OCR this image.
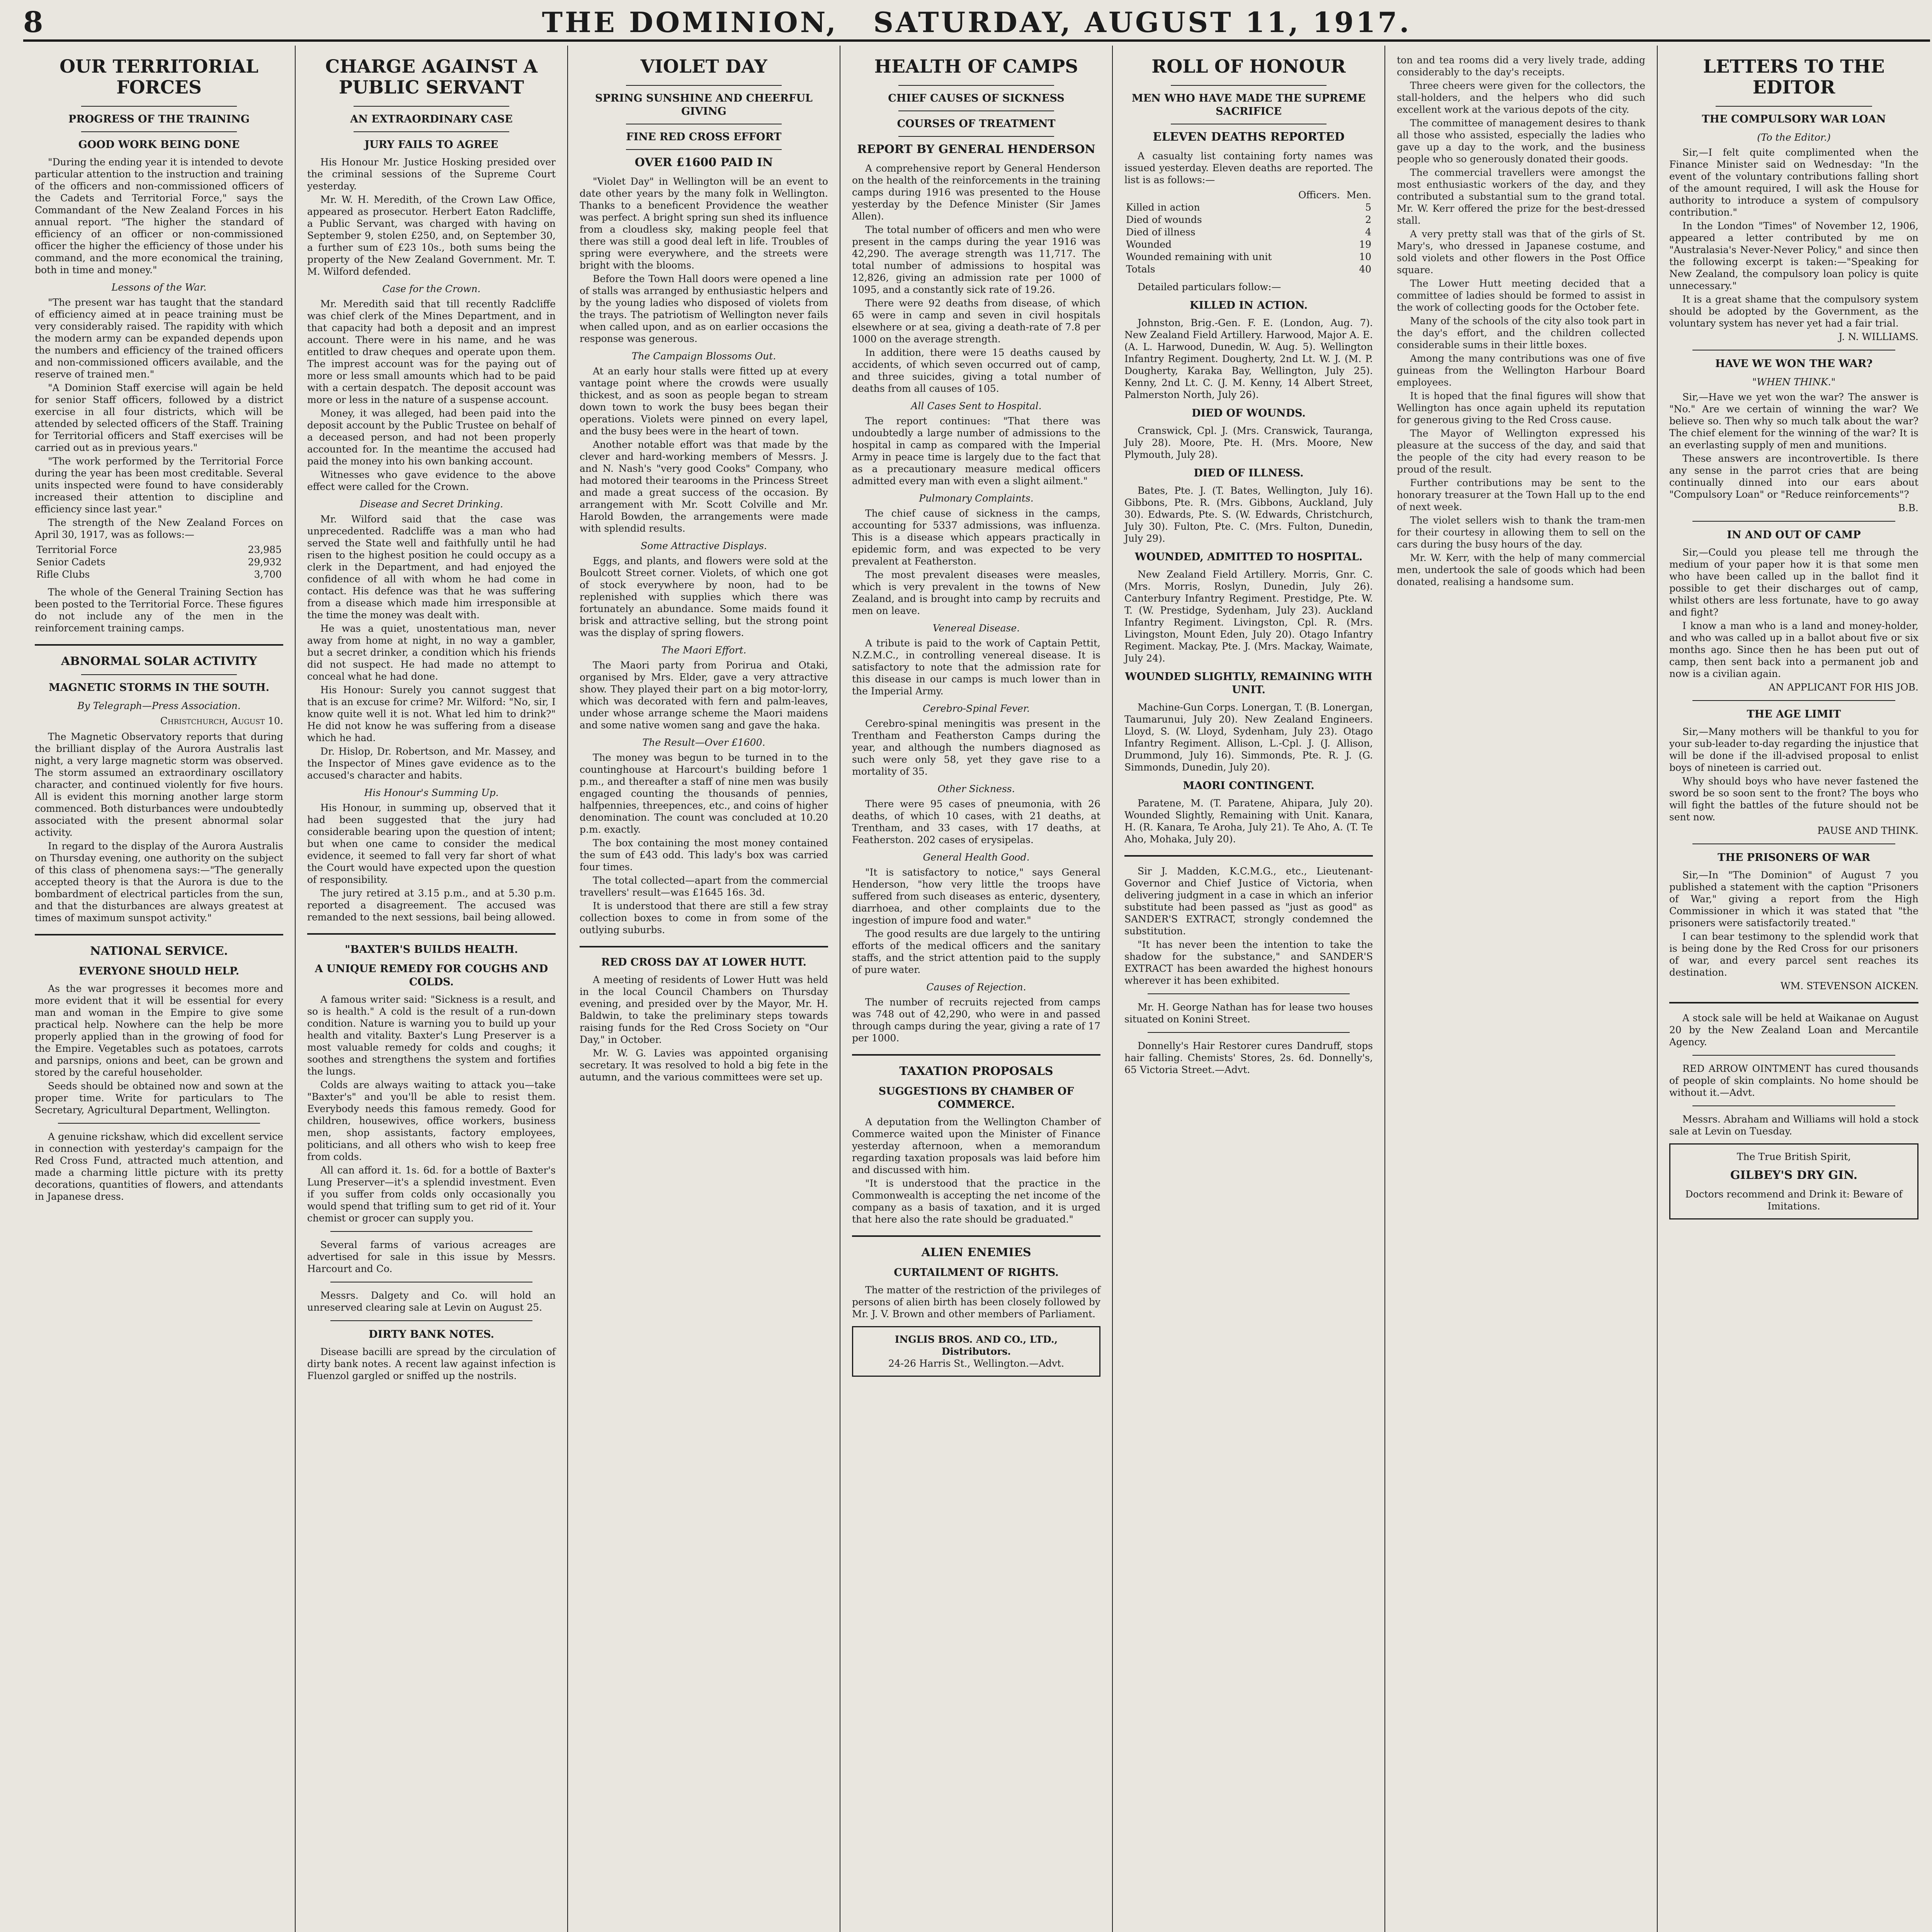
8	THE DOMINION, SATURDAY, AUGUST 11, 1917.
OUR TERRITORIAL FORCES
PROGRESS OF THE TRAINING
GOOD WORK BEING DONE

"During the ending year it is intended to devote particular attention to the instruction and training of the officers and non-commissioned officers of the Cadets and Territorial Force," says the Commandant of the New Zealand Forces in his annual report. "The higher the standard of efficiency of an officer or non-commissioned officer the higher the efficiency of those under his command, and the more economical the training, both in time and money."

Lessons of the War.

"The present war has taught that the standard of efficiency aimed at in peace training must be very considerably raised. The rapidity with which the modern army can be expanded depends upon the numbers and efficiency of the trained officers and non-commissioned officers available, and the reserve of trained men."

"A Dominion Staff exercise will again be held for senior Staff officers, followed by a district exercise in all four districts, which will be attended by selected officers of the Staff. Training for Territorial officers and Staff exercises will be carried out as in previous years."

"The work performed by the Territorial Force during the year has been most creditable. Several units inspected were found to have considerably increased their attention to discipline and efficiency since last year."

The strength of the New Zealand Forces on April 30, 1917, was as follows:—

Territorial Force	23,985
Senior Cadets	29,932
Rifle Clubs	3,700

The whole of the General Training Section has been posted to the Territorial Force. These figures do not include any of the men in the reinforcement training camps.

ABNORMAL SOLAR ACTIVITY
MAGNETIC STORMS IN THE SOUTH.
By Telegraph—Press Association.
Christchurch, August 10.

The Magnetic Observatory reports that during the brilliant display of the Aurora Australis last night, a very large magnetic storm was observed. The storm assumed an extraordinary oscillatory character, and continued violently for five hours. All is evident this morning another large storm commenced. Both disturbances were undoubtedly associated with the present abnormal solar activity.

In regard to the display of the Aurora Australis on Thursday evening, one authority on the subject of this class of phenomena says:—"The generally accepted theory is that the Aurora is due to the bombardment of electrical particles from the sun, and that the disturbances are always greatest at times of maximum sunspot activity."

NATIONAL SERVICE.
EVERYONE SHOULD HELP.

As the war progresses it becomes more and more evident that it will be essential for every man and woman in the Empire to give some practical help. Nowhere can the help be more properly applied than in the growing of food for the Empire. Vegetables such as potatoes, carrots and parsnips, onions and beet, can be grown and stored by the careful householder.

Seeds should be obtained now and sown at the proper time. Write for particulars to The Secretary, Agricultural Department, Wellington.

A genuine rickshaw, which did excellent service in connection with yesterday's campaign for the Red Cross Fund, attracted much attention, and made a charming little picture with its pretty decorations, quantities of flowers, and attendants in Japanese dress.

CHARGE AGAINST A PUBLIC SERVANT
AN EXTRAORDINARY CASE
JURY FAILS TO AGREE

His Honour Mr. Justice Hosking presided over the criminal sessions of the Supreme Court yesterday.

Mr. W. H. Meredith, of the Crown Law Office, appeared as prosecutor. Herbert Eaton Radcliffe, a Public Servant, was charged with having on September 9, stolen £250, and, on September 30, a further sum of £23 10s., both sums being the property of the New Zealand Government. Mr. T. M. Wilford defended.

Case for the Crown.

Mr. Meredith said that till recently Radcliffe was chief clerk of the Mines Department, and in that capacity had both a deposit and an imprest account. There were in his name, and he was entitled to draw cheques and operate upon them. The imprest account was for the paying out of more or less small amounts which had to be paid with a certain despatch. The deposit account was more or less in the nature of a suspense account.

Money, it was alleged, had been paid into the deposit account by the Public Trustee on behalf of a deceased person, and had not been properly accounted for. In the meantime the accused had paid the money into his own banking account.

Witnesses who gave evidence to the above effect were called for the Crown.

Disease and Secret Drinking.

Mr. Wilford said that the case was unprecedented. Radcliffe was a man who had served the State well and faithfully until he had risen to the highest position he could occupy as a clerk in the Department, and had enjoyed the confidence of all with whom he had come in contact. His defence was that he was suffering from a disease which made him irresponsible at the time the money was dealt with.

He was a quiet, unostentatious man, never away from home at night, in no way a gambler, but a secret drinker, a condition which his friends did not suspect. He had made no attempt to conceal what he had done.

His Honour: Surely you cannot suggest that that is an excuse for crime? Mr. Wilford: "No, sir, I know quite well it is not. What led him to drink?" He did not know he was suffering from a disease which he had.

Dr. Hislop, Dr. Robertson, and Mr. Massey, and the Inspector of Mines gave evidence as to the accused's character and habits.

His Honour's Summing Up.

His Honour, in summing up, observed that it had been suggested that the jury had considerable bearing upon the question of intent; but when one came to consider the medical evidence, it seemed to fall very far short of what the Court would have expected upon the question of responsibility.

The jury retired at 3.15 p.m., and at 5.30 p.m. reported a disagreement. The accused was remanded to the next sessions, bail being allowed.

"BAXTER'S BUILDS HEALTH.
A UNIQUE REMEDY FOR COUGHS AND COLDS.

A famous writer said: "Sickness is a result, and so is health." A cold is the result of a run-down condition. Nature is warning you to build up your health and vitality. Baxter's Lung Preserver is a most valuable remedy for colds and coughs; it soothes and strengthens the system and fortifies the lungs.

Colds are always waiting to attack you—take "Baxter's" and you'll be able to resist them. Everybody needs this famous remedy. Good for children, housewives, office workers, business men, shop assistants, factory employees, politicians, and all others who wish to keep free from colds.

All can afford it. 1s. 6d. for a bottle of Baxter's Lung Preserver—it's a splendid investment. Even if you suffer from colds only occasionally you would spend that trifling sum to get rid of it. Your chemist or grocer can supply you.

Several farms of various acreages are advertised for sale in this issue by Messrs. Harcourt and Co.

Messrs. Dalgety and Co. will hold an unreserved clearing sale at Levin on August 25.

DIRTY BANK NOTES.

Disease bacilli are spread by the circulation of dirty bank notes. A recent law against infection is Fluenzol gargled or sniffed up the nostrils.

VIOLET DAY
SPRING SUNSHINE AND CHEERFUL GIVING
FINE RED CROSS EFFORT
OVER £1600 PAID IN

"Violet Day" in Wellington will be an event to date other years by the many folk in Wellington. Thanks to a beneficent Providence the weather was perfect. A bright spring sun shed its influence from a cloudless sky, making people feel that there was still a good deal left in life. Troubles of spring were everywhere, and the streets were bright with the blooms.

Before the Town Hall doors were opened a line of stalls was arranged by enthusiastic helpers and by the young ladies who disposed of violets from the trays. The patriotism of Wellington never fails when called upon, and as on earlier occasions the response was generous.

The Campaign Blossoms Out.

At an early hour stalls were fitted up at every vantage point where the crowds were usually thickest, and as soon as people began to stream down town to work the busy bees began their operations. Violets were pinned on every lapel, and the busy bees were in the heart of town.

Another notable effort was that made by the clever and hard-working members of Messrs. J. and N. Nash's "very good Cooks" Company, who had motored their tearooms in the Princess Street and made a great success of the occasion. By arrangement with Mr. Scott Colville and Mr. Harold Bowden, the arrangements were made with splendid results.

Some Attractive Displays.

Eggs, and plants, and flowers were sold at the Boulcott Street corner. Violets, of which one got of stock everywhere by noon, had to be replenished with supplies which there was fortunately an abundance. Some maids found it brisk and attractive selling, but the strong point was the display of spring flowers.

The Maori Effort.

The Maori party from Porirua and Otaki, organised by Mrs. Elder, gave a very attractive show. They played their part on a big motor-lorry, which was decorated with fern and palm-leaves, under whose arrange scheme the Maori maidens and some native women sang and gave the haka.

The Result—Over £1600.

The money was begun to be turned in to the countinghouse at Harcourt's building before 1 p.m., and thereafter a staff of nine men was busily engaged counting the thousands of pennies, halfpennies, threepences, etc., and coins of higher denomination. The count was concluded at 10.20 p.m. exactly.

The box containing the most money contained the sum of £43 odd. This lady's box was carried four times.

The total collected—apart from the commercial travellers' result—was £1645 16s. 3d.

It is understood that there are still a few stray collection boxes to come in from some of the outlying suburbs.

RED CROSS DAY AT LOWER HUTT.

A meeting of residents of Lower Hutt was held in the local Council Chambers on Thursday evening, and presided over by the Mayor, Mr. H. Baldwin, to take the preliminary steps towards raising funds for the Red Cross Society on "Our Day," in October.

Mr. W. G. Lavies was appointed organising secretary. It was resolved to hold a big fete in the autumn, and the various committees were set up.

HEALTH OF CAMPS
CHIEF CAUSES OF SICKNESS
COURSES OF TREATMENT
REPORT BY GENERAL HENDERSON

A comprehensive report by General Henderson on the health of the reinforcements in the training camps during 1916 was presented to the House yesterday by the Defence Minister (Sir James Allen).

The total number of officers and men who were present in the camps during the year 1916 was 42,290. The average strength was 11,717. The total number of admissions to hospital was 12,826, giving an admission rate per 1000 of 1095, and a constantly sick rate of 19.26.

There were 92 deaths from disease, of which 65 were in camp and seven in civil hospitals elsewhere or at sea, giving a death-rate of 7.8 per 1000 on the average strength.

In addition, there were 15 deaths caused by accidents, of which seven occurred out of camp, and three suicides, giving a total number of deaths from all causes of 105.

All Cases Sent to Hospital.

The report continues: "That there was undoubtedly a large number of admissions to the hospital in camp as compared with the Imperial Army in peace time is largely due to the fact that as a precautionary measure medical officers admitted every man with even a slight ailment."

Pulmonary Complaints.

The chief cause of sickness in the camps, accounting for 5337 admissions, was influenza. This is a disease which appears practically in epidemic form, and was expected to be very prevalent at Featherston.

The most prevalent diseases were measles, which is very prevalent in the towns of New Zealand, and is brought into camp by recruits and men on leave.

Venereal Disease.

A tribute is paid to the work of Captain Pettit, N.Z.M.C., in controlling venereal disease. It is satisfactory to note that the admission rate for this disease in our camps is much lower than in the Imperial Army.

Cerebro-Spinal Fever.

Cerebro-spinal meningitis was present in the Trentham and Featherston Camps during the year, and although the numbers diagnosed as such were only 58, yet they gave rise to a mortality of 35.

Other Sickness.

There were 95 cases of pneumonia, with 26 deaths, of which 10 cases, with 21 deaths, at Trentham, and 33 cases, with 17 deaths, at Featherston. 202 cases of erysipelas.

General Health Good.

"It is satisfactory to notice," says General Henderson, "how very little the troops have suffered from such diseases as enteric, dysentery, diarrhoea, and other complaints due to the ingestion of impure food and water."

The good results are due largely to the untiring efforts of the medical officers and the sanitary staffs, and the strict attention paid to the supply of pure water.

Causes of Rejection.

The number of recruits rejected from camps was 748 out of 42,290, who were in and passed through camps during the year, giving a rate of 17 per 1000.

TAXATION PROPOSALS
SUGGESTIONS BY CHAMBER OF COMMERCE.

A deputation from the Wellington Chamber of Commerce waited upon the Minister of Finance yesterday afternoon, when a memorandum regarding taxation proposals was laid before him and discussed with him.

"It is understood that the practice in the Commonwealth is accepting the net income of the company as a basis of taxation, and it is urged that here also the rate should be graduated."

ALIEN ENEMIES
CURTAILMENT OF RIGHTS.

The matter of the restriction of the privileges of persons of alien birth has been closely followed by Mr. J. V. Brown and other members of Parliament.

INGLIS BROS. AND CO., LTD., Distributors.
24-26 Harris St., Wellington.—Advt.
ROLL OF HONOUR
MEN WHO HAVE MADE THE SUPREME SACRIFICE
ELEVEN DEATHS REPORTED

A casualty list containing forty names was issued yesterday. Eleven deaths are reported. The list is as follows:—

	Officers.	Men.
Killed in action		5
Died of wounds		2
Died of illness		4
Wounded		19
Wounded remaining with unit		10
Totals		40

Detailed particulars follow:—

KILLED IN ACTION.

Johnston, Brig.-Gen. F. E. (London, Aug. 7). New Zealand Field Artillery. Harwood, Major A. E. (A. L. Harwood, Dunedin, W. Aug. 5). Wellington Infantry Regiment. Dougherty, 2nd Lt. W. J. (M. P. Dougherty, Karaka Bay, Wellington, July 25). Kenny, 2nd Lt. C. (J. M. Kenny, 14 Albert Street, Palmerston North, July 26).

DIED OF WOUNDS.

Cranswick, Cpl. J. (Mrs. Cranswick, Tauranga, July 28). Moore, Pte. H. (Mrs. Moore, New Plymouth, July 28).

DIED OF ILLNESS.

Bates, Pte. J. (T. Bates, Wellington, July 16). Gibbons, Pte. R. (Mrs. Gibbons, Auckland, July 30). Edwards, Pte. S. (W. Edwards, Christchurch, July 30). Fulton, Pte. C. (Mrs. Fulton, Dunedin, July 29).

WOUNDED, ADMITTED TO HOSPITAL.

New Zealand Field Artillery. Morris, Gnr. C. (Mrs. Morris, Roslyn, Dunedin, July 26). Canterbury Infantry Regiment. Prestidge, Pte. W. T. (W. Prestidge, Sydenham, July 23). Auckland Infantry Regiment. Livingston, Cpl. R. (Mrs. Livingston, Mount Eden, July 20). Otago Infantry Regiment. Mackay, Pte. J. (Mrs. Mackay, Waimate, July 24).

WOUNDED SLIGHTLY, REMAINING WITH UNIT.

Machine-Gun Corps. Lonergan, T. (B. Lonergan, Taumarunui, July 20). New Zealand Engineers. Lloyd, S. (W. Lloyd, Sydenham, July 23). Otago Infantry Regiment. Allison, L.-Cpl. J. (J. Allison, Drummond, July 16). Simmonds, Pte. R. J. (G. Simmonds, Dunedin, July 20).

MAORI CONTINGENT.

Paratene, M. (T. Paratene, Ahipara, July 20). Wounded Slightly, Remaining with Unit. Kanara, H. (R. Kanara, Te Aroha, July 21). Te Aho, A. (T. Te Aho, Mohaka, July 20).

Sir J. Madden, K.C.M.G., etc., Lieutenant-Governor and Chief Justice of Victoria, when delivering judgment in a case in which an inferior substitute had been passed as "just as good" as SANDER'S EXTRACT, strongly condemned the substitution.

"It has never been the intention to take the shadow for the substance," and SANDER'S EXTRACT has been awarded the highest honours wherever it has been exhibited.

Mr. H. George Nathan has for lease two houses situated on Konini Street.

Donnelly's Hair Restorer cures Dandruff, stops hair falling. Chemists' Stores, 2s. 6d. Donnelly's, 65 Victoria Street.—Advt.

ton and tea rooms did a very lively trade, adding considerably to the day's receipts.

Three cheers were given for the collectors, the stall-holders, and the helpers who did such excellent work at the various depots of the city.

The committee of management desires to thank all those who assisted, especially the ladies who gave up a day to the work, and the business people who so generously donated their goods.

The commercial travellers were amongst the most enthusiastic workers of the day, and they contributed a substantial sum to the grand total. Mr. W. Kerr offered the prize for the best-dressed stall.

A very pretty stall was that of the girls of St. Mary's, who dressed in Japanese costume, and sold violets and other flowers in the Post Office square.

The Lower Hutt meeting decided that a committee of ladies should be formed to assist in the work of collecting goods for the October fete.

Many of the schools of the city also took part in the day's effort, and the children collected considerable sums in their little boxes.

Among the many contributions was one of five guineas from the Wellington Harbour Board employees.

It is hoped that the final figures will show that Wellington has once again upheld its reputation for generous giving to the Red Cross cause.

The Mayor of Wellington expressed his pleasure at the success of the day, and said that the people of the city had every reason to be proud of the result.

Further contributions may be sent to the honorary treasurer at the Town Hall up to the end of next week.

The violet sellers wish to thank the tram-men for their courtesy in allowing them to sell on the cars during the busy hours of the day.

Mr. W. Kerr, with the help of many commercial men, undertook the sale of goods which had been donated, realising a handsome sum.

LETTERS TO THE EDITOR
THE COMPULSORY WAR LOAN
(To the Editor.)

Sir,—I felt quite complimented when the Finance Minister said on Wednesday: "In the event of the voluntary contributions falling short of the amount required, I will ask the House for authority to introduce a system of compulsory contribution."

In the London "Times" of November 12, 1906, appeared a letter contributed by me on "Australasia's Never-Never Policy," and since then the following excerpt is taken:—"Speaking for New Zealand, the compulsory loan policy is quite unnecessary."

It is a great shame that the compulsory system should be adopted by the Government, as the voluntary system has never yet had a fair trial.

J. N. WILLIAMS.
HAVE WE WON THE WAR?
"WHEN THINK."

Sir,—Have we yet won the war? The answer is "No." Are we certain of winning the war? We believe so. Then why so much talk about the war? The chief element for the winning of the war? It is an everlasting supply of men and munitions.

These answers are incontrovertible. Is there any sense in the parrot cries that are being continually dinned into our ears about "Compulsory Loan" or "Reduce reinforcements"?

B.B.
IN AND OUT OF CAMP

Sir,—Could you please tell me through the medium of your paper how it is that some men who have been called up in the ballot find it possible to get their discharges out of camp, whilst others are less fortunate, have to go away and fight?

I know a man who is a land and money-holder, and who was called up in a ballot about five or six months ago. Since then he has been put out of camp, then sent back into a permanent job and now is a civilian again.

AN APPLICANT FOR HIS JOB.
THE AGE LIMIT

Sir,—Many mothers will be thankful to you for your sub-leader to-day regarding the injustice that will be done if the ill-advised proposal to enlist boys of nineteen is carried out.

Why should boys who have never fastened the sword be so soon sent to the front? The boys who will fight the battles of the future should not be sent now.

PAUSE AND THINK.
THE PRISONERS OF WAR

Sir,—In "The Dominion" of August 7 you published a statement with the caption "Prisoners of War," giving a report from the High Commissioner in which it was stated that "the prisoners were satisfactorily treated."

I can bear testimony to the splendid work that is being done by the Red Cross for our prisoners of war, and every parcel sent reaches its destination.

WM. STEVENSON AICKEN.

A stock sale will be held at Waikanae on August 20 by the New Zealand Loan and Mercantile Agency.

RED ARROW OINTMENT has cured thousands of people of skin complaints. No home should be without it.—Advt.

Messrs. Abraham and Williams will hold a stock sale at Levin on Tuesday.

The True British Spirit,
GILBEY'S DRY GIN.
Doctors recommend and Drink it: Beware of Imitations.
